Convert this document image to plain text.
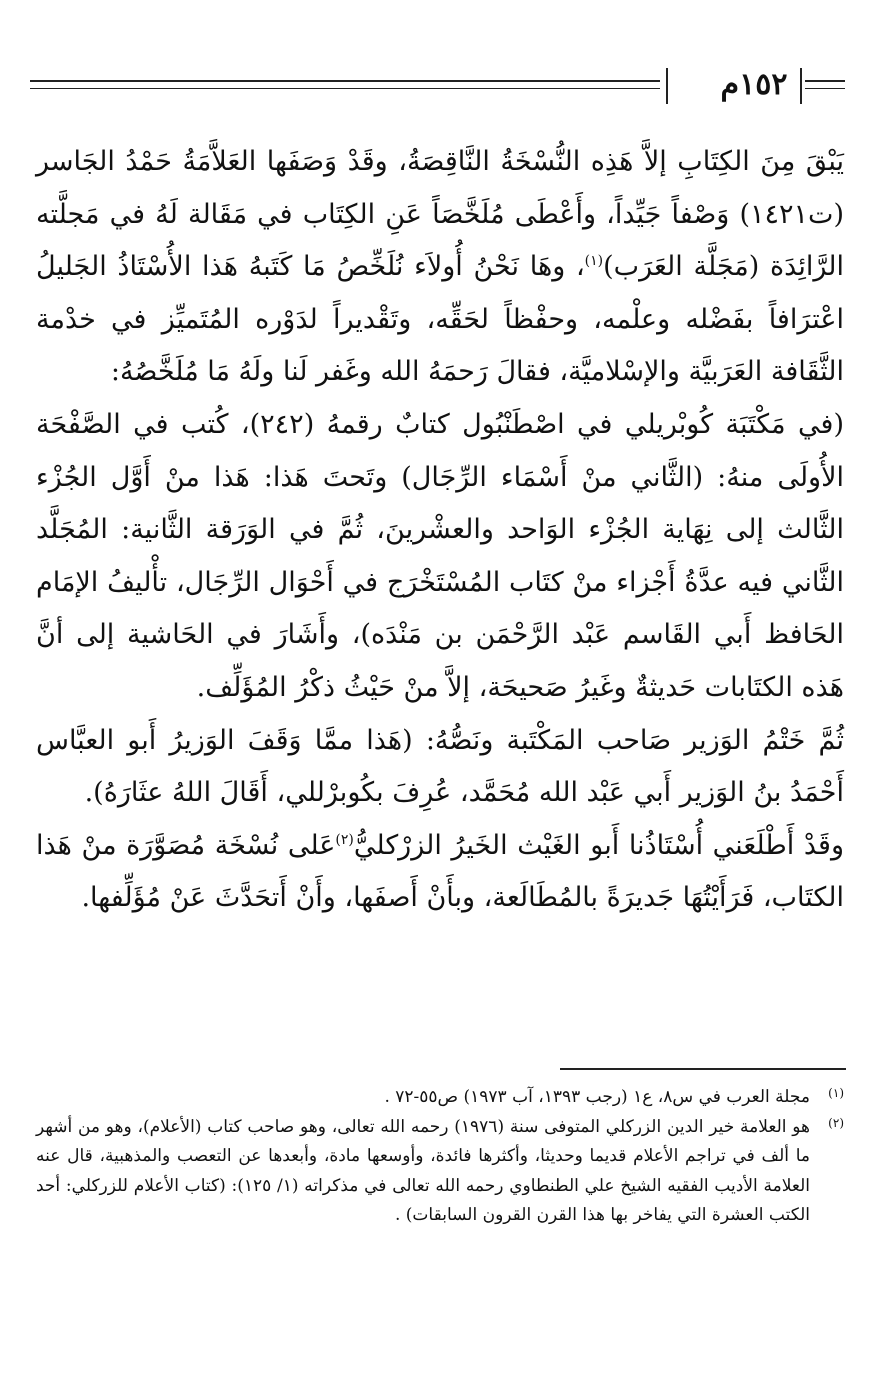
١٥٢م

يَبْقَ مِنَ الكِتَابِ إلاَّ هَذِه النُّسْخَةُ النَّاقِصَةُ، وقَدْ وَصَفَها العَلاَّمَةُ حَمْدُ الجَاسر (ت١٤٢١) وَصْفاً جَيِّداً، وأَعْطَى مُلَخَّصَاً عَنِ الكِتَاب في مَقَالة لَهُ في مَجلَّته الرَّائِدَة (مَجَلَّة العَرَب)$^{(١)}$، وهَا نَحْنُ أُولاَء نُلَخِّصُ مَا كَتَبهُ هَذا الأُسْتَاذُ الجَليلُ اعْترَافاً بفَضْله وعلْمه، وحفْظاً لحَقِّه، وتَقْديراً لدَوْره المُتَميِّز في خدْمة الثَّقَافة العَرَبيَّة والإسْلاميَّة، فقالَ رَحمَهُ الله وغَفر لَنا ولَهُ مَا مُلَخَّصُهُ:

(في مَكْتَبَة كُوبْريلي في اصْطَنْبُول كتابٌ رقمهُ (٢٤٢)، كُتب في الصَّفْحَة الأُولَى منهُ: (الثَّاني منْ أَسْمَاء الرِّجَال) وتَحتَ هَذا: هَذا منْ أَوَّل الجُزْء الثَّالث إلى نِهَاية الجُزْء الوَاحد والعشْرينَ، ثُمَّ في الوَرَقة الثَّانية: المُجَلَّد الثَّاني فيه عدَّةُ أَجْزاء منْ كتَاب المُسْتَخْرَج في أَحْوَال الرِّجَال، تأْليفُ الإمَام الحَافظ أَبي القَاسم عَبْد الرَّحْمَن بن مَنْدَه)، وأَشَارَ في الحَاشية إلى أنَّ هَذه الكتَابات حَديثةٌ وغَيرُ صَحيحَة، إلاَّ منْ حَيْثُ ذكْرُ المُؤَلِّف.

ثُمَّ خَتْمُ الوَزير صَاحب المَكْتَبة ونَصُّهُ: (هَذا ممَّا وَقَفَ الوَزيرُ أَبو العبَّاس أَحْمَدُ بنُ الوَزير أَبي عَبْد الله مُحَمَّد، عُرِفَ بكُوبرْللي، أَقَالَ اللهُ عثَارَهُ).

وقَدْ أَطْلَعَني أُسْتَاذُنا أَبو الغَيْث الخَيرُ الزرْكليُّ$^{(٢)}$عَلى نُسْخَة مُصَوَّرَة منْ هَذا الكتَاب، فَرَأَيْتُهَا جَديرَةً بالمُطَالَعة، وبأَنْ أَصفَها، وأَنْ أَتحَدَّثَ عَنْ مُؤَلِّفها.

(١)
مجلة العرب في س٨، ع١ (رجب ١٣٩٣، آب ١٩٧٣) ص٥٥-٧٢ .
(٢)
هو العلامة خير الدين الزركلي المتوفى سنة (١٩٧٦) رحمه الله تعالى، وهو صاحب كتاب (الأعلام)، وهو من أشهر ما ألف في تراجم الأعلام قديما وحديثا، وأكثرها فائدة، وأوسعها مادة، وأبعدها عن التعصب والمذهبية، قال عنه العلامة الأديب الفقيه الشيخ علي الطنطاوي رحمه الله تعالى في مذكراته (١/ ١٢٥): (كتاب الأعلام للزركلي: أحد الكتب العشرة التي يفاخر بها هذا القرن القرون السابقات) .
